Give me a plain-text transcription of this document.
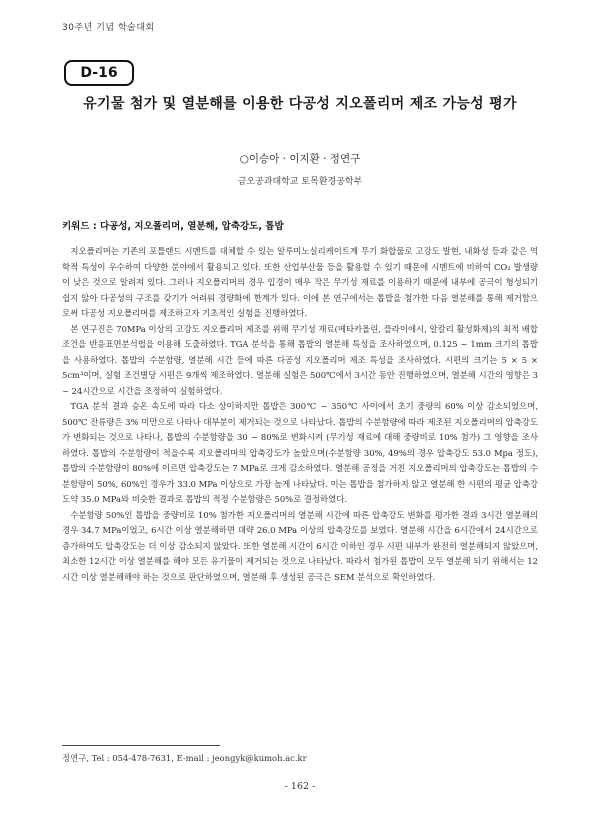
30주년 기념 학술대회
D-16
유기물 첨가 및 열분해를 이용한 다공성 지오폴리머 제조 가능성 평가
○이승아 · 이지환 · 정연구
금오공과대학교 토목환경공학부
키워드 : 다공성, 지오폴리머, 열분해, 압축강도, 톱밥

지오폴리머는 기존의 포틀랜드 시멘트를 대체할 수 있는 알루미노실리케이트계 무기 화합물로 고강도 발현, 내화성 등과 같은 역학적 특성이 우수하여 다양한 분야에서 활용되고 있다. 또한 산업부산물 등을 활용할 수 있기 때문에 시멘트에 비하여 CO₂ 발생량이 낮은 것으로 알려져 있다. 그러나 지오폴리머의 경우 입경이 매우 작은 무기성 재료를 이용하기 때문에 내부에 공극이 형성되기 쉽지 않아 다공성의 구조를 갖기가 어려워 경량화에 한계가 있다. 이에 본 연구에서는 톱밥을 첨가한 다음 열분해를 통해 제거함으로써 다공성 지오폴리머를 제조하고자 기초적인 실험을 진행하였다.

본 연구진은 70MPa 이상의 고강도 지오폴리머 제조를 위해 무기성 재료(메타카올린, 플라이애시, 알칼리 활성화제)의 최적 배합 조건을 반응표면분석법을 이용해 도출하였다. TGA 분석을 통해 톱밥의 열분해 특성을 조사하였으며, 0.125 ~ 1mm 크기의 톱밥을 사용하였다. 톱밥의 수분함량, 열분해 시간 등에 따른 다공성 지오폴리머 제조 특성을 조사하였다. 시편의 크기는 5 × 5 × 5cm³이며, 실험 조건별당 시편은 9개씩 제조하였다. 열분해 실험은 500℃에서 3시간 동안 진행하였으며, 열분해 시간의 영향은 3 ~ 24시간으로 시간을 조정하여 실험하였다.

TGA 분석 결과 승온 속도에 따라 다소 상이하지만 톱밥은 300℃ ~ 350℃ 사이에서 초기 중량의 60% 이상 감소되었으며, 500℃ 잔류량은 3% 미만으로 나타나 대부분이 제거되는 것으로 나타났다. 톱밥의 수분함량에 따라 제조된 지오폴리머의 압축강도가 변화되는 것으로 나타나, 톱밥의 수분함량을 30 ~ 80%로 변화시켜 (무기성 재료에 대해 중량비로 10% 첨가) 그 영향을 조사하였다. 톱밥의 수분함량이 적을수록 지오폴리머의 압축강도가 높았으며(수분함량 30%, 49%의 경우 압축강도 53.0 Mpa 정도), 톱밥의 수분함량이 80%에 이르면 압축강도는 7 MPa로 크게 감소하였다. 열분해 공정을 거친 지오폴리머의 압축강도는 톱밥의 수분함량이 50%, 60%인 경우가 33.0 MPa 이상으로 가장 높게 나타났다. 이는 톱밥을 첨가하지 않고 열분해 한 시편의 평균 압축강도약 35.0 MPa와 비슷한 결과로 톱밥의 적정 수분함량은 50%로 결정하였다.

수분함량 50%인 톱밥을 중량비로 10% 첨가한 지오폴리머의 열분해 시간에 따른 압축강도 변화를 평가한 결과 3시간 열분해의 경우 34.7 MPa이었고, 6시간 이상 열분해하면 대략 26.0 MPa 이상의 압축강도를 보였다. 열분해 시간을 6시간에서 24시간으로 증가하여도 압축강도는 더 이상 감소되지 않았다. 또한 열분해 시간이 6시간 이하인 경우 시편 내부가 완전히 열분해되지 않았으며, 최소한 12시간 이상 열분해를 해야 모든 유기물이 제거되는 것으로 나타났다. 따라서 첨가된 톱밥이 모두 열분해 되기 위해서는 12시간 이상 열분해해야 하는 것으로 판단하였으며, 열분해 후 생성된 공극은 SEM 분석으로 확인하였다.

정연구, Tel : 054-478-7631, E-mail : jeongyk@kumoh.ac.kr
- 162 -
